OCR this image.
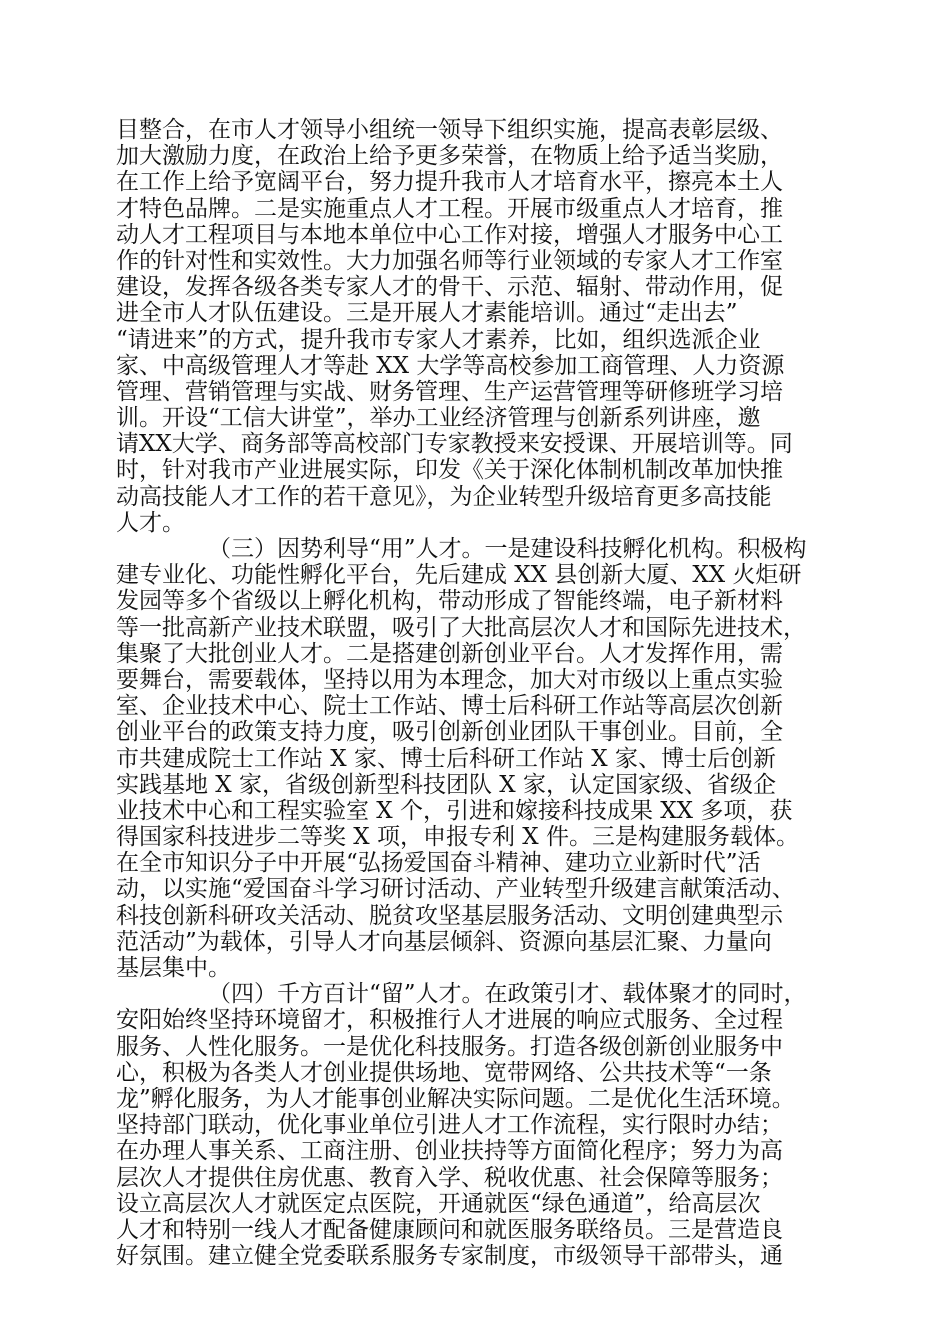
目整合，在市人才领导小组统一领导下组织实施，提高表彰层级、
加大激励力度，在政治上给予更多荣誉，在物质上给予适当奖励，
在工作上给予宽阔平台，努力提升我市人才培育水平，擦亮本土人
才特色品牌。二是实施重点人才工程。开展市级重点人才培育，推
动人才工程项目与本地本单位中心工作对接，增强人才服务中心工
作的针对性和实效性。大力加强名师等行业领域的专家人才工作室
建设，发挥各级各类专家人才的骨干、示范、辐射、带动作用，促
进全市人才队伍建设。三是开展人才素能培训。通过“走出去”
“请进来”的方式，提升我市专家人才素养，比如，组织选派企业
家、中高级管理人才等赴 XX 大学等高校参加工商管理、人力资源
管理、营销管理与实战、财务管理、生产运营管理等研修班学习培
训。开设“工信大讲堂”，举办工业经济管理与创新系列讲座，邀
请XX大学、商务部等高校部门专家教授来安授课、开展培训等。同
时，针对我市产业进展实际，印发《关于深化体制机制改革加快推
动高技能人才工作的若干意见》，为企业转型升级培育更多高技能
人才。
（三）因势利导“用”人才。一是建设科技孵化机构。积极构
建专业化、功能性孵化平台，先后建成 XX 县创新大厦、XX 火炬研
发园等多个省级以上孵化机构，带动形成了智能终端，电子新材料
等一批高新产业技术联盟，吸引了大批高层次人才和国际先进技术，
集聚了大批创业人才。二是搭建创新创业平台。人才发挥作用，需
要舞台，需要载体，坚持以用为本理念，加大对市级以上重点实验
室、企业技术中心、院士工作站、博士后科研工作站等高层次创新
创业平台的政策支持力度，吸引创新创业团队干事创业。目前，全
市共建成院士工作站 X 家、博士后科研工作站 X 家、博士后创新
实践基地 X 家，省级创新型科技团队 X 家，认定国家级、省级企
业技术中心和工程实验室 X 个，引进和嫁接科技成果 XX 多项，获
得国家科技进步二等奖 X 项，申报专利 X 件。三是构建服务载体。
在全市知识分子中开展“弘扬爱国奋斗精神、建功立业新时代”活
动，以实施“爱国奋斗学习研讨活动、产业转型升级建言献策活动、
科技创新科研攻关活动、脱贫攻坚基层服务活动、文明创建典型示
范活动”为载体，引导人才向基层倾斜、资源向基层汇聚、力量向
基层集中。
（四）千方百计“留”人才。在政策引才、载体聚才的同时，
安阳始终坚持环境留才，积极推行人才进展的响应式服务、全过程
服务、人性化服务。一是优化科技服务。打造各级创新创业服务中
心，积极为各类人才创业提供场地、宽带网络、公共技术等“一条
龙”孵化服务，为人才能事创业解决实际问题。二是优化生活环境。
坚持部门联动，优化事业单位引进人才工作流程，实行限时办结；
在办理人事关系、工商注册、创业扶持等方面简化程序；努力为高
层次人才提供住房优惠、教育入学、税收优惠、社会保障等服务；
设立高层次人才就医定点医院，开通就医“绿色通道”，给高层次
人才和特别一线人才配备健康顾问和就医服务联络员。三是营造良
好氛围。建立健全党委联系服务专家制度，市级领导干部带头，通
